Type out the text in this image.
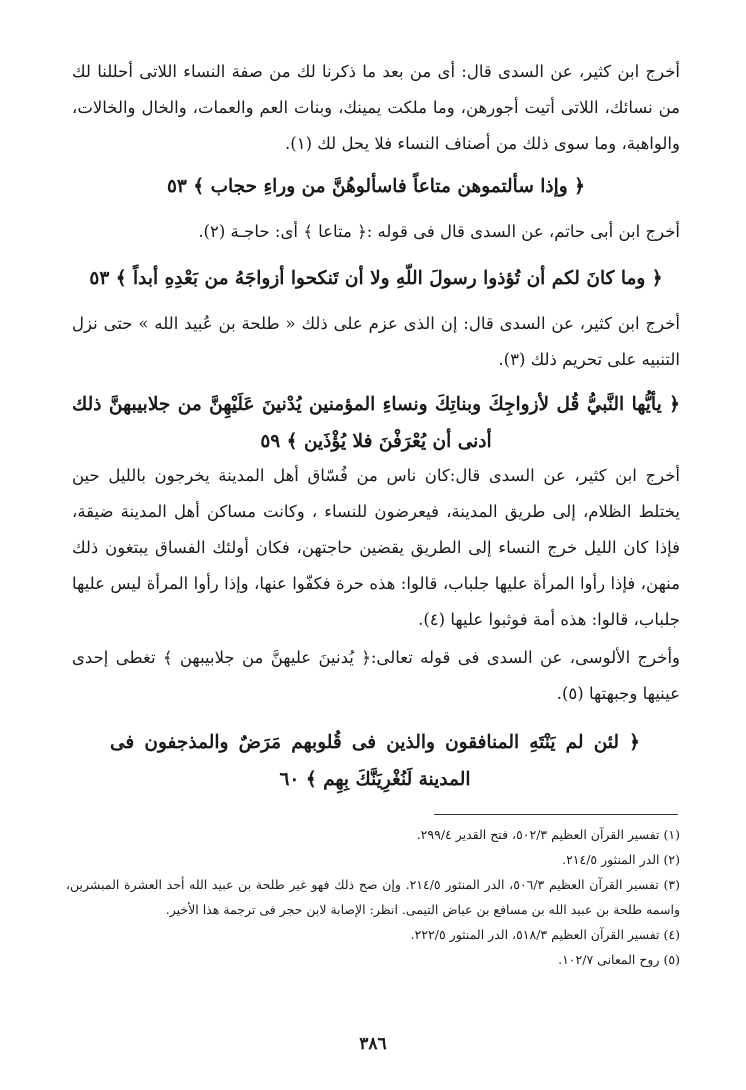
أخرج ابن كثير، عن السدى قال: أى من بعد ما ذكرنا لك من صفة النساء اللاتى أحللنا لك من نسائك، اللاتى أتيت أجورهن، وما ملكت يمينك، وبنات العم والعمات، والخال والخالات، والواهبة، وما سوى ذلك من أصناف النساء فلا يحل لك (١).

﴿ وإذا سألتموهن متاعاً فاسألوهُنَّ من وراءِ حجاب ﴾ ٥٣

أخرج ابن أبى حاتم، عن السدى قال فى قوله :﴿ متاعا ﴾ أى: حاجـة (٢).

﴿ وما كانَ لكم أن تُؤذوا رسولَ اللّهِ ولا أن تَنكحوا أزواجَهُ من بَعْدِهِ أبداً ﴾ ٥٣

أخرج ابن كثير، عن السدى قال: إن الذى عزم على ذلك « طلحة بن عُبيد الله » حتى نزل التنبيه على تحريم ذلك (٣).

﴿ يأيُّها النَّبيُّ قُل لأزواجِكَ وبناتِكَ ونساءِ المؤمنين يُدْنينَ عَلَيْهِنَّ من جلابيبهنَّ ذلك أدنى أن يُعْرَفْنَ فلا يُؤْذَين ﴾ ٥٩

أخرج ابن كثير، عن السدى قال:كان ناس من فُسّاق أهل المدينة يخرجون بالليل حين يختلط الظلام، إلى طريق المدينة، فيعرضون للنساء ، وكانت مساكن أهل المدينة ضيقة، فإذا كان الليل خرج النساء إلى الطريق يقضين حاجتهن، فكان أولئك الفساق يبتغون ذلك منهن، فإذا رأوا المرأة عليها جلباب، قالوا: هذه حرة فكفّوا عنها، وإذا رأوا المرأة ليس عليها جلباب، قالوا: هذه أمة فوثبوا عليها (٤).

وأخرج الألوسى، عن السدى فى قوله تعالى:﴿ يُدنينَ عليهنَّ من جلابيبهن ﴾ تغطى إحدى عينيها وجبهتها (٥).

﴿ لئن لم يَنْتَهِ المنافقون والذين فى قُلوبهم مَرَضٌ والمذجفون فى المدينة لَنُغْرِيَنَّكَ بِهِم ﴾ ٦٠

(١) تفسير القرآن العظيم ٥٠٢/٣، فتح القدير ٢٩٩/٤.

(٢) الدر المنثور ٢١٤/٥.

(٣) تفسير القرآن العظيم ٥٠٦/٣، الدر المنثور ٢١٤/٥. وإن صح ذلك فهو غير طلحة بن عبيد الله أحد العشرة المبشرين، واسمه طلحة بن عبيد الله بن مسافع بن عياض التيمى. انظر: الإصابة لابن حجر فى ترجمة هذا الأخير.

(٤) تفسير القرآن العظيم ٥١٨/٣، الدر المنثور ٢٢٢/٥.

(٥) روح المعانى ١٠٢/٧.

٣٨٦
